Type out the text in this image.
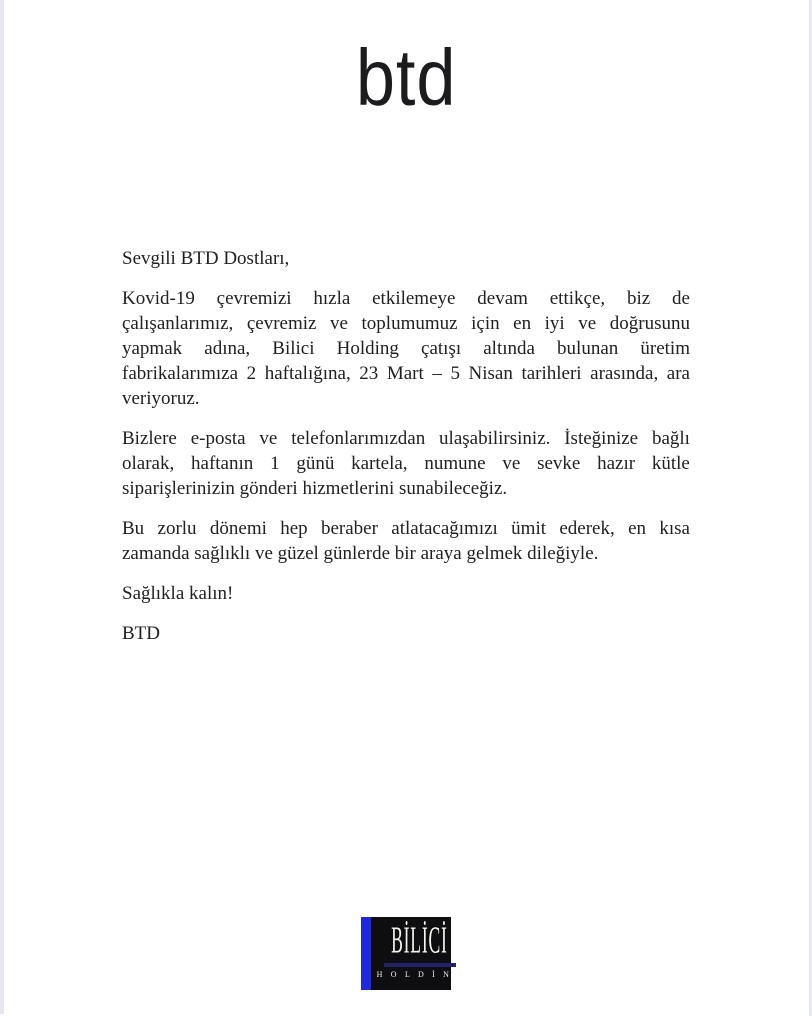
btd
Sevgili BTD Dostları,
Kovid-19 çevremizi hızla etkilemeye devam ettikçe, biz de
çalışanlarımız, çevremiz ve toplumumuz için en iyi ve doğrusunu
yapmak adına, Bilici Holding çatışı altında bulunan üretim
fabrikalarımıza 2 haftalığına, 23 Mart – 5 Nisan tarihleri arasında, ara
veriyoruz.
Bizlere e-posta ve telefonlarımızdan ulaşabilirsiniz. İsteğinize bağlı
olarak, haftanın 1 günü kartela, numune ve sevke hazır kütle
siparişlerinizin gönderi hizmetlerini sunabileceğiz.
Bu zorlu dönemi hep beraber atlatacağımızı ümit ederek, en kısa
zamanda sağlıklı ve güzel günlerde bir araya gelmek dileğiyle.
Sağlıkla kalın!
BTD
BİLİCİ
H O L D İ N G
